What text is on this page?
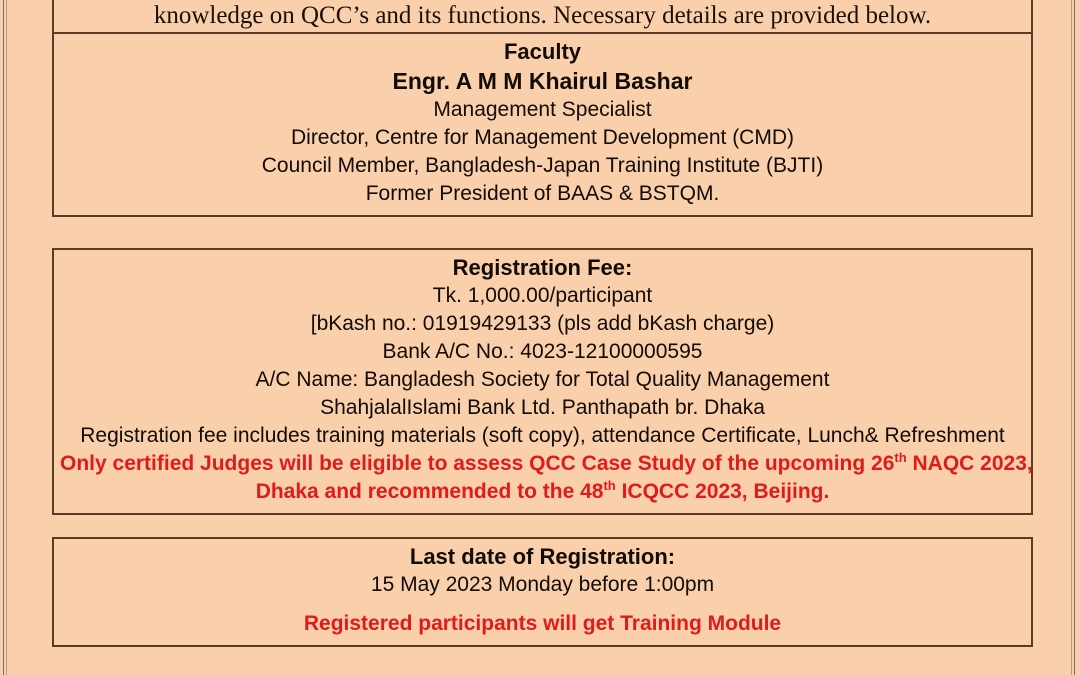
knowledge on QCC’s and its functions. Necessary details are provided below.
Faculty
Engr. A M M Khairul Bashar
Management Specialist
Director, Centre for Management Development (CMD)
Council Member, Bangladesh-Japan Training Institute (BJTI)
Former President of BAAS & BSTQM.
Registration Fee:
Tk. 1,000.00/participant
[bKash no.: 01919429133 (pls add bKash charge)
Bank A/C No.: 4023-12100000595
A/C Name: Bangladesh Society for Total Quality Management
ShahjalalIslami Bank Ltd. Panthapath br. Dhaka
Registration fee includes training materials (soft copy), attendance Certificate, Lunch& Refreshment
Only certified Judges will be eligible to assess QCC Case Study of the upcoming 26th NAQC 2023,
Dhaka and recommended to the 48th ICQCC 2023, Beijing.
Last date of Registration:
15 May 2023 Monday before 1:00pm
Registered participants will get Training Module
